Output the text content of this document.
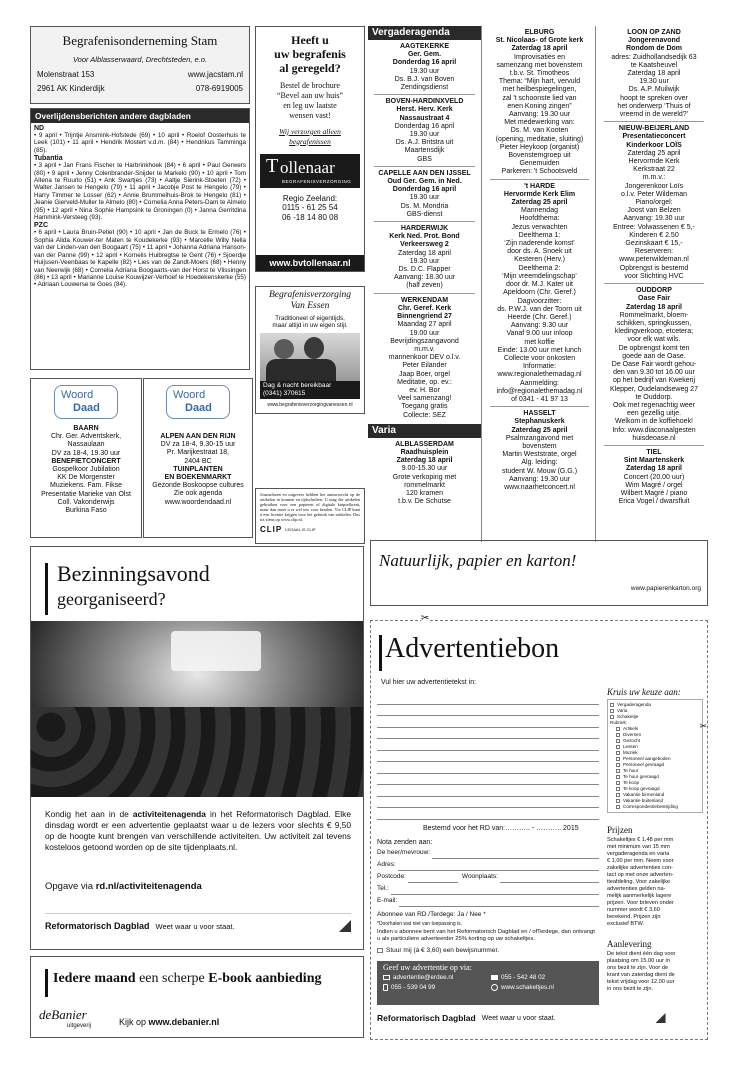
Begrafenisonderneming Stam
Voor Alblasserwaard, Drechtsteden, e.o.
Molenstraat 153	www.jacstam.nl
2961 AK Kinderdijk	078-6919005
Overlijdensberichten andere dagbladen
ND
• 9 april • Trijntje Ansmink-Hofstede (69) • 10 april • Roelof Oosterhuis te Leek (101) • 11 april • Hendrik Mostert v.d.m. (84) • Hendrikus Tamminga (85).
Tubantia
• 3 april • Jan Frans Fischer te Harbrinkhoek (84) • 6 april • Paul Gerwers (80) • 9 april • Jenny Colenbrander-Snijder te Markelo (90) • 10 april • Tom Altena te Ruurlo (51) • Ank Swartjes (73) • Aaltje Sierink-Stoeten (72) • Walter Jansen te Hengelo (79) • 11 april • Jacobje Post te Hengelo (79) • Harry Timmer te Losser (62) • Annie Brummelhuis-Brok te Hengelo (81) • Jeanie Gierveld-Muller te Almelo (80) • Cornelia Anna Peters-Dam te Almelo (95) • 12 april • Nina Sophie Hampsink te Groningen (0) • Janna Gerritdina Hammink-Versteeg (93).
PZC
• 6 april • Laura Bruin-Petiet (90) • 10 april • Jan de Buck te Ermelo (76) • Sophia Alida Kouwer-ter Maten te Koudekerke (93) • Marcelle Willy Nella van der Linden-van den Boogaart (75) • 11 april • Johanna Adriana Hanson-van der Panne (99) • 12 april • Kornelis Huibregtse te Gent (76) • Sjoerdje Huijssen-Veenbaas te Kapelle (82) • Lies van de Zandt-Moers (68) • Henny van Neerwijk (68) • Cornelia Adriana Boogaarts-van der Horst te Vlissingen (86) • 13 april • Marianne Louise Kouwijzer-Verhoef te Hoedekenskerke (55) • Adriaan Louwerse te Goes (84).
Woord
Daad
BAARN
Chr. Ger. Adventskerk,
Nassaulaan
DV za 18-4, 19.30 uur
BENEFIETCONCERT
Gospelkoor Jubilation
KK De Morgenster
Muziekens. Fam. Fikse
Presentatie Marieke van Olst
Coll. Vakonderwijs
Burkina Faso
Woord
Daad
ALPEN AAN DEN RIJN
DV za 18-4, 9.30-15 uur
Pr. Marijkestraat 18,
2404 BC
TUINPLANTEN
EN BOEKENMARKT
Gezonde Boskoopse cultures
Zie ook agenda
www.woordendaad.nl
Heeft u
uw begrafenis
al geregeld?
Bestel de brochure
“Bevel aan uw huis”
en leg uw laatste
wensen vast!
Wij verzorgen alleen
begrafenissen
T ollenaar
BEGRAFENISVERZORGING
Regio Zeeland:
0115 - 61 25 54
06 -18 14 80 08
www.bvtollenaar.nl
Begrafenisverzorging
Van Essen
Traditioneel of eigentijds,
maar altijd in uw eigen stijl.
Dag & nacht bereikbaar
(0341) 370615
www.begrafenisverzorgingvanessen.nl
Journalisten en uitgevers hebben het auteursrecht op de artikelen in kranten en tijdschriften. U mag die artikelen gebruiken voor een papieren of digitale knipselkrant, maar dan moet u er wel iets voor betalen. Via CLIP kunt u een licentie krijgen voor het gebruik van artikelen. Dus tot ziens op www.clip.nl.
CLIP LEGAAL IS CLIP
Vergaderagenda
AAGTEKERKE
Ger. Gem.
Donderdag 16 april
19.30 uur
Ds. B.J. van Boven
Zendingsdienst
BOVEN-HARDINXVELD
Herst. Herv. Kerk
Nassaustraat 4
Donderdag 16 april
19.30 uur
Ds. A.J. Britstra uit
Maartensdijk
GBS
CAPELLE AAN DEN IJSSEL
Oud Ger. Gem. in Ned.
Donderdag 16 april
19.30 uur
Ds. M. Mondria
GBS-dienst
HARDERWIJK
Kerk Ned. Prot. Bond
Verkeersweg 2
Zaterdag 18 april
19.30 uur
Ds. D.C. Flapper
Aanvang: 18.30 uur
(half zeven)
WERKENDAM
Chr. Geref. Kerk
Binnengriend 27
Maandag 27 april
19.00 uur
Bevrijdingszangavond
m.m.v.
mannenkoor DEV o.l.v.
Peter Eilander
Jaap Boer, orgel
Meditatie, op. ev.:
ev. H. Bor
Veel samenzang!
Toegang gratis
Collecte: SEZ
Varia
ALBLASSERDAM
Raadhuisplein
Zaterdag 18 april
9.00-15.30 uur
Grote verkoping met
rommelmarkt
120 kramen
t.b.v. De Schutse
ELBURG
St. Nicolaas- of Grote kerk
Zaterdag 18 april
Improvisaties en
samenzang met bovenstem
t.b.v. St. Timotheos
Thema: “Mijn hart, vervuld
met heilbespiegelingen,
zal 't schoonste lied van
enen Koning zingen”
Aanvang: 19.30 uur
Met medewerking van:
Ds. M. van Kooten
(opening, meditatie, sluiting)
Pieter Heykoop (organist)
Bovenstemgroep uit
Genemuiden
Parkeren: 't Schootsveld
't HARDE
Hervormde Kerk Elim
Zaterdag 25 april
Mannendag
Hoofdthema:
Jezus verwachten
Deelthema 1:
‘Zijn naderende komst’
door ds. A. Snoek uit
Kesteren (Herv.)
Deelthema 2:
‘Mijn vreemdelingschap’
door dr. M.J. Kater uit
Apeldoorn (Chr. Geref.)
Dagvoorzitter:
ds. P.W.J. van der Toorn uit
Heerde (Chr. Geref.)
Aanvang: 9.30 uur
Vanaf 9.00 uur inloop
met koffie
Einde: 13.00 uur met lunch
Collecte voor onkosten
Informatie:
www.regionalethemadag.nl
Aanmelding:
info@regionalethemadag.nl
of 0341 - 41 97 13
HASSELT
Stephanuskerk
Zaterdag 25 april
Psalmzangavond met
bovenstem
Martin Weststrate, orgel
Alg. leiding:
student W. Mouw (G.G.)
Aanvang: 19.30 uur
www.naarhetconcert.nl
LOON OP ZAND
Jongerenavond
Rondom de Dom
adres: Zuidhollandsedijk 63
te Kaatsheuvel
Zaterdag 18 april
19.30 uur
Ds. A.P. Muilwijk
hoopt te spreken over
het onderwerp ‘Thuis of
vreemd in de wereld?’
NIEUW-BEIJERLAND
Presentatieconcert
Kinderkoor LOÏS
Zaterdag 25 april
Hervormde Kerk
Kerkstraat 22
m.m.v.:
Jongerenkoor Loïs
o.l.v. Peter Wildeman
Piano/orgel:
Joost van Belzen
Aanvang: 19.30 uur
Entree: Volwassenen € 5,-
Kinderen € 2.50
Gezinskaart € 15,-
Reserveren:
www.peterwildeman.nl
Opbrengst is bestemd
voor Stichting HVC
OUDDORP
Oase Fair
Zaterdag 18 april
Rommelmarkt, bloem-
schikken, springkussen,
kledingverkoop, etcetera;
voor elk wat wils.
De opbrengst komt ten
goede aan de Oase.
De Oase Fair wordt gehou-
den van 9.30 tot 16.00 uur
op het bedrijf van Kwekerij
Klepper, Oudelandseweg 27
te Ouddorp.
Ook met regenachtig weer
een gezellig uitje.
Welkom in de koffiehoek!
Info: www.diaconaalgesten
huisdeoase.nl
TIEL
Sint Maartenskerk
Zaterdag 18 april
Concert (20.00 uur)
Wim Magré / orgel
Wilbert Magré / piano
Erica Vogel / dwarsfluit
Bezinningsavond
georganiseerd?
Kondig het aan in de activiteitenagenda in het Reformatorisch Dagblad. Elke dinsdag wordt er een advertentie geplaatst waar u de lezers voor slechts € 9,50 op de hoogte kunt brengen van verschillende activiteiten. Uw activiteit zal tevens kosteloos getoond worden op de site tijdenplaats.nl.
Opgave via rd.nl/activiteitenagenda
Reformatorisch Dagblad Weet waar u voor staat.
Iedere maand een scherpe E-book aanbieding
deBanier
uitgeverij	Kijk op www.debanier.nl
Natuurlijk, papier en karton!
www.papierenkarton.org
✂
Advertentiebon
Vul hier uw advertentietekst in:
Kruis uw keuze aan:
Vergaderagenda
Varia
Schaketije
Rubriek:
Artikels
Diversen
Gezocht
Lessen
Muziek
Personeel aangeboden
Personeel gevraagd
Te huur
Te huur gevraagd
Te koop
Te koop gevraagd
Vakantie binnenland
Vakantie buitenland
Correspondentiebestrijding
✂
Bestemd voor het RD van:……….. - ……….. 2015	Prijzen
Schakeltjes € 1,48 per mm
met minimum van 15 mm
vergaderagenda en varia
€ 1,00 per mm. Neem voor
zakelijke advertenties con-
tact op met onze adverten-
tieafdeling. Voor zakelijke
advertenties gelden na-
melijk aanmerkelijk lagere
prijzen. Voor brieven onder
nummer wordt € 3,60
berekend. Prijzen zijn
exclusief BTW.
Aanlevering
De tekst dient één dag voor
plaatsing om 15.00 uur in
ons bezit te zijn. Voor de
krant van zaterdag dient de
tekst vrijdag voor 12.00 uur
in ons bezit te zijn.
Nota zenden aan:
De heer/mevrouw:
Adres:
Postcode:	Woonplaats:
Tel.:
E-mail:
Abonnee van RD /Terdege: Ja / Nee *
*Doorhalen wat niet van toepassing is.
Indien u abonnee bent van het Reformatorisch Dagblad en / ofTerdege, dan ontvangt u als particuliere adverteerder 25% korting op uw schakeltjes.
Stuur mij (à € 3,60) een bewijsnummer.
Geef uw advertentie op via:
advertentie@erdee.nl	055 - 542 48 02
055 - 539 04 99	www.schakeltjes.nl
Reformatorisch Dagblad Weet waar u voor staat.
